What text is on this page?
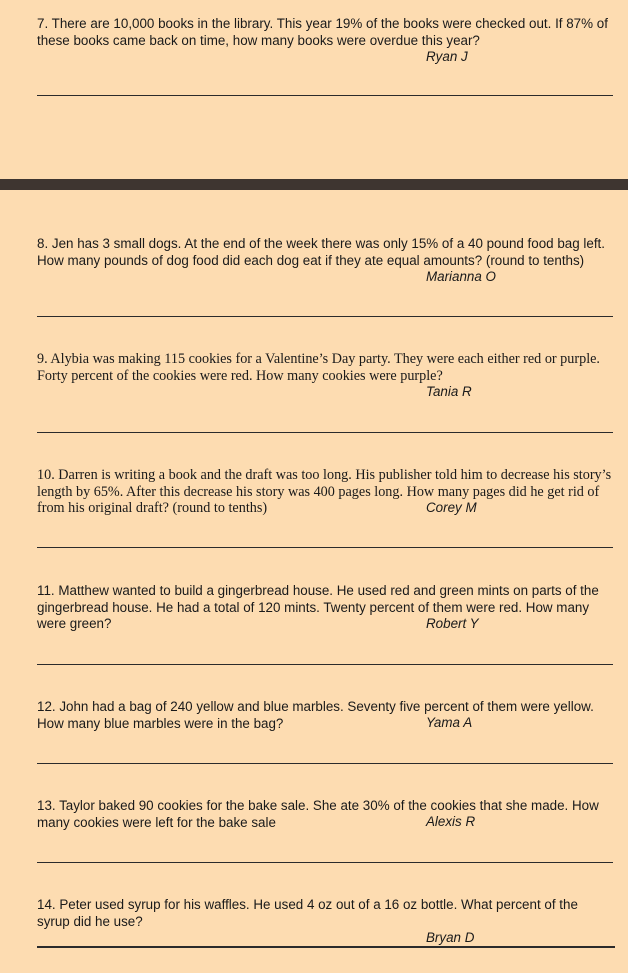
7. There are 10,000 books in the library. This year 19% of the books were checked out. If 87% of these books came back on time, how many books were overdue this year?

Ryan J

8. Jen has 3 small dogs. At the end of the week there was only 15% of a 40 pound food bag left. How many pounds of dog food did each dog eat if they ate equal amounts? (round to tenths)

Marianna O

9. Alybia was making 115 cookies for a Valentine’s Day party. They were each either red or purple. Forty percent of the cookies were red. How many cookies were purple?

Tania R

10. Darren is writing a book and the draft was too long. His publisher told him to decrease his story’s length by 65%. After this decrease his story was 400 pages long. How many pages did he get rid of from his original draft? (round to tenths)	Corey M

11. Matthew wanted to build a gingerbread house. He used red and green mints on parts of the gingerbread house. He had a total of 120 mints. Twenty percent of them were red. How many were green?	Robert Y

12. John had a bag of 240 yellow and blue marbles. Seventy five percent of them were yellow. How many blue marbles were in the bag?	Yama A

13. Taylor baked 90 cookies for the bake sale. She ate 30% of the cookies that she made. How many cookies were left for the bake sale	Alexis R

14. Peter used syrup for his waffles. He used 4 oz out of a 16 oz bottle. What percent of the syrup did he use?

Bryan D
